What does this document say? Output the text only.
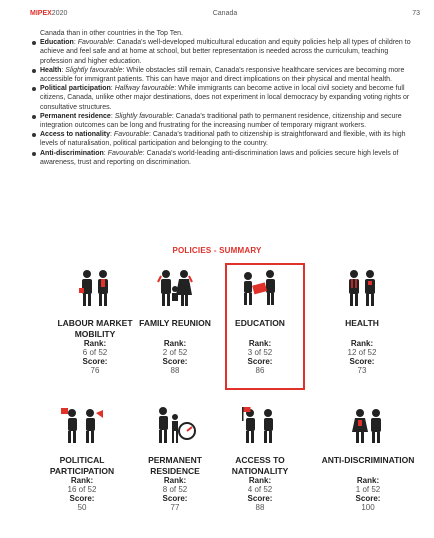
MIPEX2020	Canada	73
Canada than in other countries in the Top Ten.
Education: Favourable: Canada's well-developed multicultural education and equity policies help all types of children to achieve and feel safe and at home at school, but better representation is needed across the curriculum, teaching profession and higher education.
Health: Slightly favourable: While obstacles still remain, Canada's responsive healthcare services are becoming more accessible for immigrant patients. This can have major and direct implications on their physical and mental health.
Political participation: Halfway favourable: While immigrants can become active in local civil society and become full citizens, Canada, unlike other major destinations, does not experiment in local democracy by expanding voting rights or consultative structures.
Permanent residence: Slightly favourable: Canada's traditional path to permanent residence, citizenship and secure integration outcomes can be long and frustrating for the increasing number of temporary migrant workers.
Access to nationality: Favourable: Canada's traditional path to citizenship is straightforward and flexible, with its high levels of naturalisation, political participation and belonging to the country.
Anti-discrimination: Favourable: Canada's world-leading anti-discrimination laws and policies secure high levels of awareness, trust and reporting on discrimination.
POLICIES - SUMMARY
LABOUR MARKET MOBILITY
Rank:
6 of 52
Score:
76
FAMILY REUNION
Rank:
2 of 52
Score:
88
EDUCATION
Rank:
3 of 52
Score:
86
HEALTH
Rank:
12 of 52
Score:
73
POLITICAL PARTICIPATION
Rank:
16 of 52
Score:
50
PERMANENT RESIDENCE
Rank:
8 of 52
Score:
77
ACCESS TO NATIONALITY
Rank:
4 of 52
Score:
88
ANTI-DISCRIMINATION
Rank:
1 of 52
Score:
100
